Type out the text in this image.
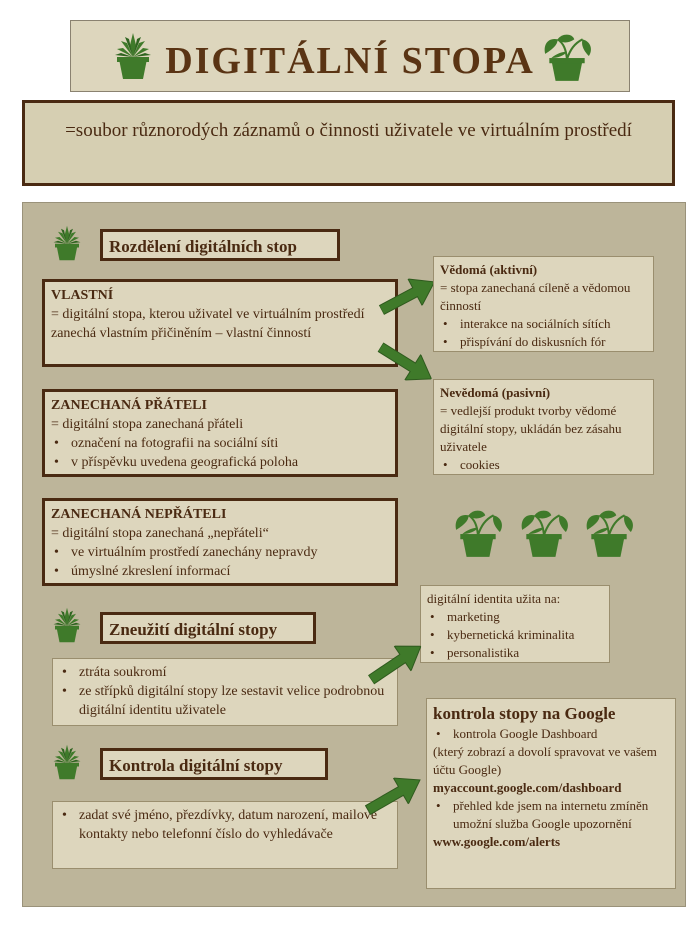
DIGITÁLNÍ STOPA
=soubor různorodých záznamů o činnosti uživatele ve virtuálním prostředí
Rozdělení digitálních stop
VLASTNÍ
= digitální stopa, kterou uživatel ve virtuálním prostředí zanechá vlastním přičiněním – vlastní činností
ZANECHANÁ PŘÁTELI
= digitální stopa zanechaná přáteli
• označení na fotografii na sociální síti
• v příspěvku uvedena geografická poloha
ZANECHANÁ NEPŘÁTELI
= digitální stopa zanechaná „nepřáteli“
• ve virtuálním prostředí zanechány nepravdy
• úmyslné zkreslení informací
Vědomá (aktivní)
= stopa zanechaná cíleně a vědomou činností
• interakce na sociálních sítích
• přispívání do diskusních fór
Nevědomá (pasivní)
= vedlejší produkt tvorby vědomé digitální stopy, ukládán bez zásahu uživatele
• cookies
Zneužití digitální stopy
• ztráta soukromí
• ze střípků digitální stopy lze sestavit velice podrobnou digitální identitu uživatele
digitální identita užita na:
• marketing
• kybernetická kriminalita
• personalistika
Kontrola digitální stopy
• zadat své jméno, přezdívky, datum narození, mailové kontakty nebo telefonní číslo do vyhledávače
kontrola stopy na Google
• kontrola Google Dashboard
(který zobrazí a dovolí spravovat ve vašem účtu Google)
myaccount.google.com/dashboard
• přehled kde jsem na internetu zmíněn umožní služba Google upozornění
www.google.com/alerts
